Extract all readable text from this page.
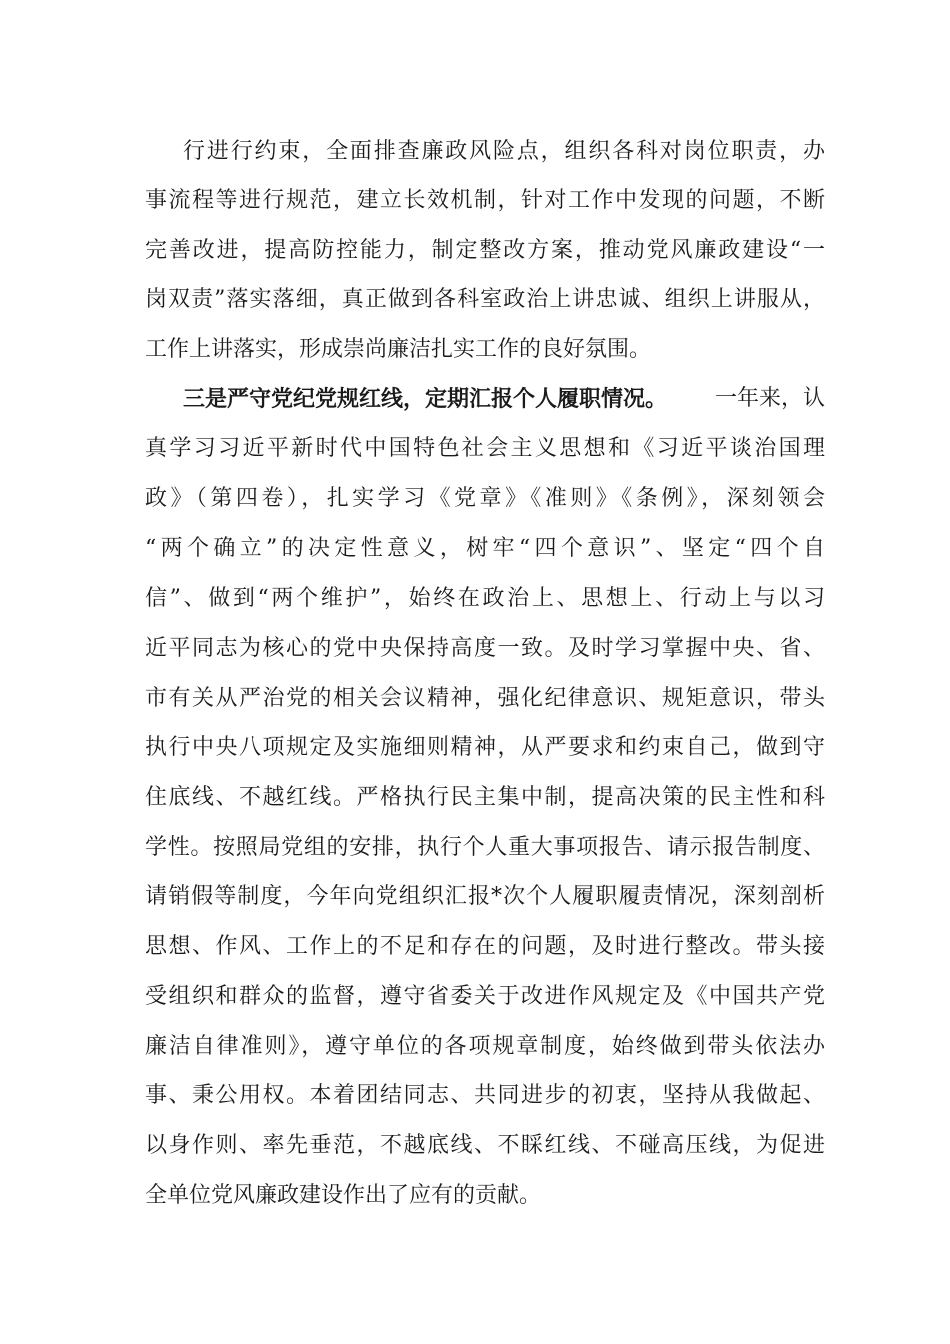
行进行约束，全面排查廉政风险点，组织各科对岗位职责，办
事流程等进行规范，建立长效机制，针对工作中发现的问题，不断
完善改进，提高防控能力，制定整改方案，推动党风廉政建设“一
岗双责”落实落细，真正做到各科室政治上讲忠诚、组织上讲服从，
工作上讲落实，形成崇尚廉洁扎实工作的良好氛围。
三是严守党纪党规红线，定期汇报个人履职情况。 一年来，认
真学习习近平新时代中国特色社会主义思想和《习近平谈治国理
政》（第四卷），扎实学习《党章》《准则》《条例》，深刻领会
“两个确立”的决定性意义，树牢“四个意识”、坚定“四个自
信”、做到“两个维护”，始终在政治上、思想上、行动上与以习
近平同志为核心的党中央保持高度一致。及时学习掌握中央、省、
市有关从严治党的相关会议精神，强化纪律意识、规矩意识，带头
执行中央八项规定及实施细则精神，从严要求和约束自己，做到守
住底线、不越红线。严格执行民主集中制，提高决策的民主性和科
学性。按照局党组的安排，执行个人重大事项报告、请示报告制度、
请销假等制度，今年向党组织汇报*次个人履职履责情况，深刻剖析
思想、作风、工作上的不足和存在的问题，及时进行整改。带头接
受组织和群众的监督，遵守省委关于改进作风规定及《中国共产党
廉洁自律准则》，遵守单位的各项规章制度，始终做到带头依法办
事、秉公用权。本着团结同志、共同进步的初衷，坚持从我做起、
以身作则、率先垂范，不越底线、不睬红线、不碰高压线，为促进
全单位党风廉政建设作出了应有的贡献。
